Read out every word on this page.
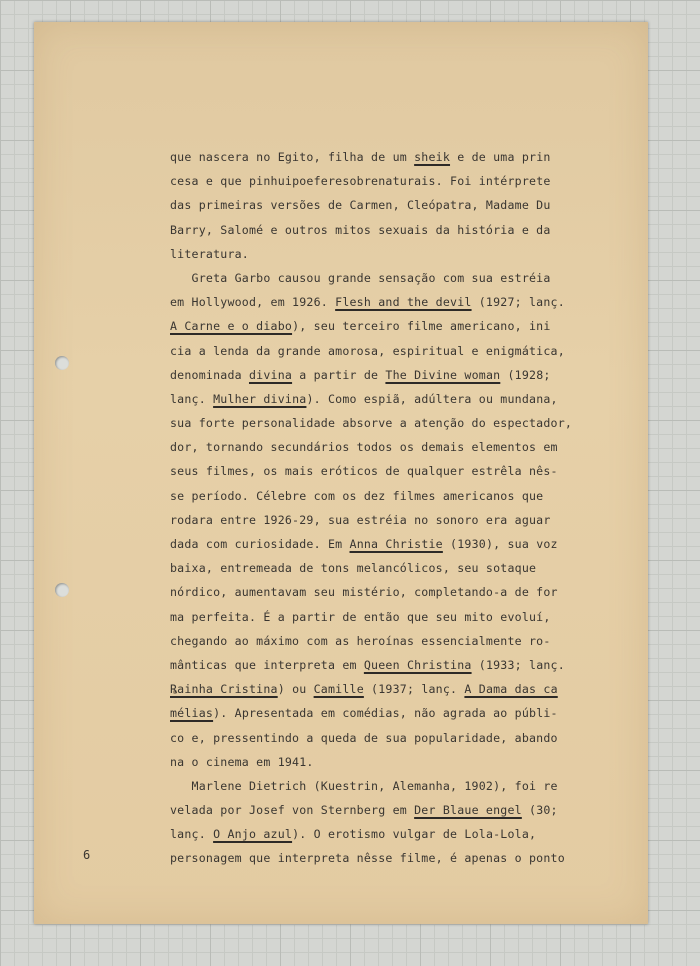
que nascera no Egito, filha de um sheik e de uma prin
cesa e que pinhuipoeferesobrenaturais. Foi intérprete
das primeiras versões de Carmen, Cleópatra, Madame Du
Barry, Salomé e outros mitos sexuais da história e da
literatura.
Greta Garbo causou grande sensação com sua estréia
em Hollywood, em 1926. Flesh and the devil (1927; lanç.
A Carne e o diabo), seu terceiro filme americano, ini
cia a lenda da grande amorosa, espiritual e enigmática,
denominada divina a partir de The Divine woman (1928;
lanç. Mulher divina). Como espiã, adúltera ou mundana,
sua forte personalidade absorve a atenção do espectador,
dor, tornando secundários todos os demais elementos em
seus filmes, os mais eróticos de qualquer estrêla nês-
se período. Célebre com os dez filmes americanos que
rodara entre 1926-29, sua estréia no sonoro era aguar
dada com curiosidade. Em Anna Christie (1930), sua voz
baixa, entremeada de tons melancólicos, seu sotaque
nórdico, aumentavam seu mistério, completando-a de for
ma perfeita. É a partir de então que seu mito evoluí,
chegando ao máximo com as heroínas essencialmente ro-
mânticas que interpreta em Queen Christina (1933; lanç.
Rainha Cristina) ou Camille (1937; lanç. A Dama das ca
mélias). Apresentada em comédias, não agrada ao públi-
co e, pressentindo a queda de sua popularidade, abando
na o cinema em 1941.
Marlene Dietrich (Kuestrin, Alemanha, 1902), foi re
velada por Josef von Sternberg em Der Blaue engel (30;
lanç. O Anjo azul). O erotismo vulgar de Lola-Lola,
personagem que interpreta nêsse filme, é apenas o ponto
6
